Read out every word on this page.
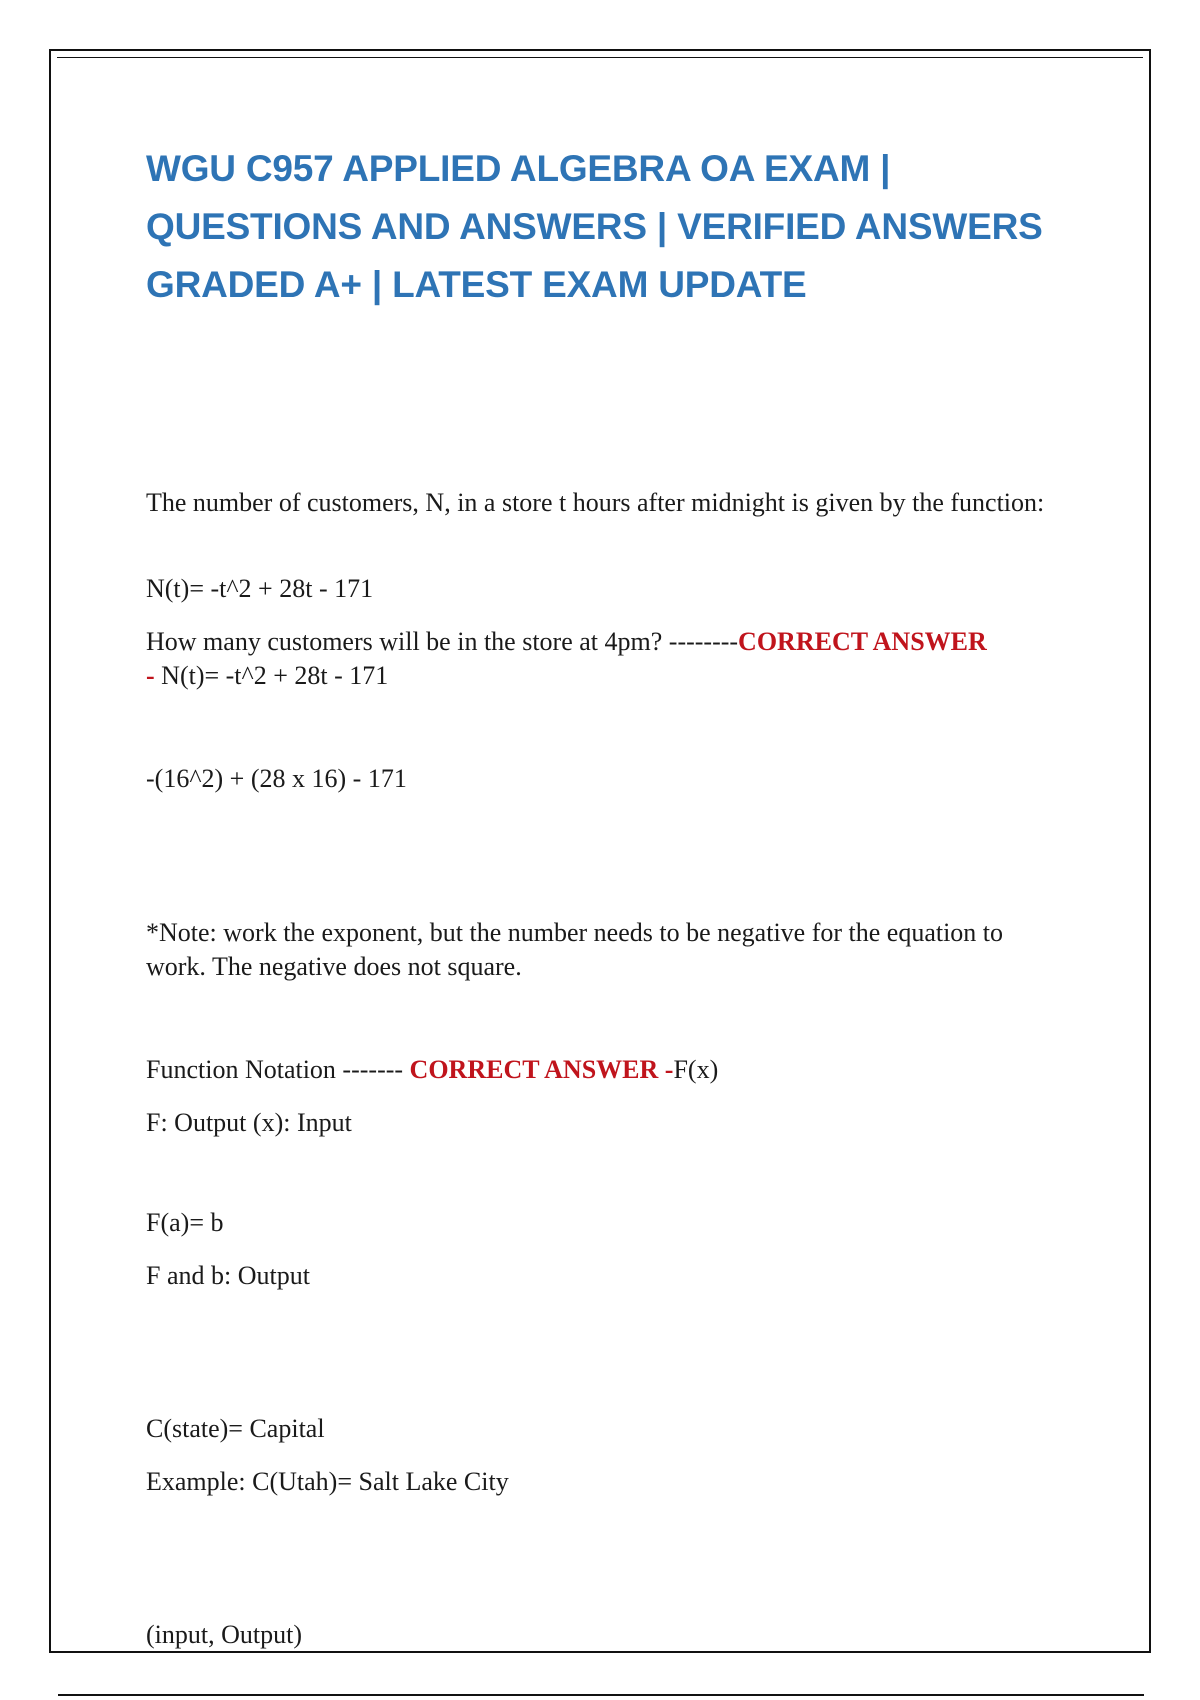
WGU C957 APPLIED ALGEBRA OA EXAM | QUESTIONS AND ANSWERS | VERIFIED ANSWERS GRADED A+ | LATEST EXAM UPDATE

The number of customers, N, in a store t hours after midnight is given by the function:

N(t)= -t^2 + 28t - 171

How many customers will be in the store at 4pm? --------CORRECT ANSWER
- N(t)= -t^2 + 28t - 171

-(16^2) + (28 x 16) - 171

*Note: work the exponent, but the number needs to be negative for the equation to work. The negative does not square.

Function Notation ------- CORRECT ANSWER -F(x)

F: Output (x): Input

F(a)= b

F and b: Output

C(state)= Capital

Example: C(Utah)= Salt Lake City

(input, Output)
